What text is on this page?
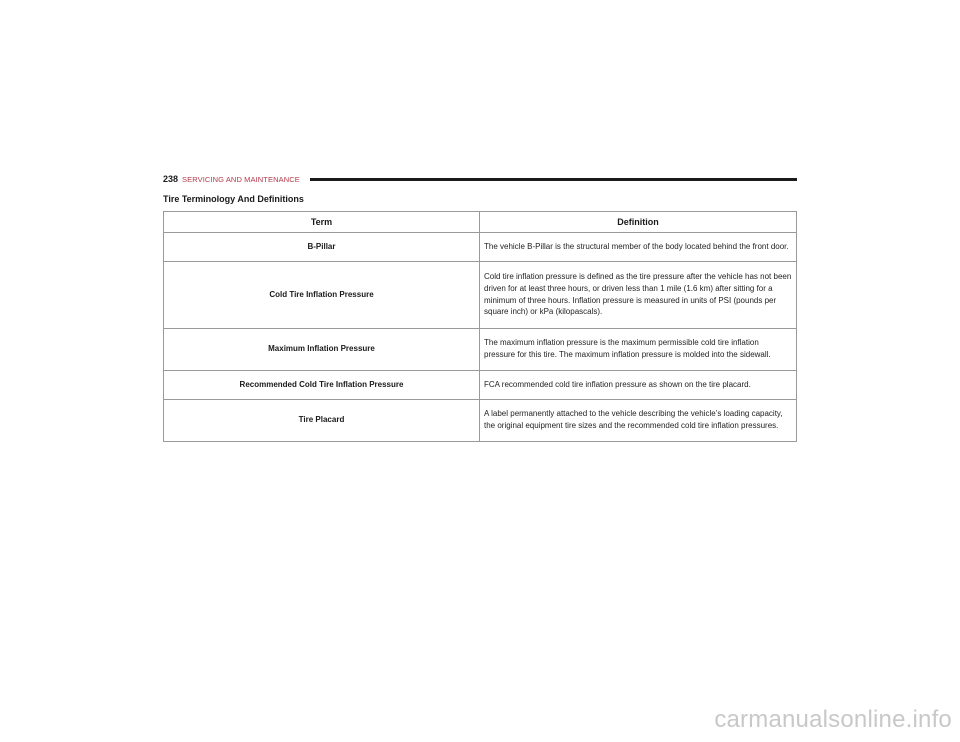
238 SERVICING AND MAINTENANCE
Tire Terminology And Definitions
Term	Definition
B-Pillar	The vehicle B-Pillar is the structural member of the body located behind the front door.
Cold Tire Inflation Pressure	Cold tire inflation pressure is defined as the tire pressure after the vehicle has not been driven for at least three hours, or driven less than 1 mile (1.6 km) after sitting for a minimum of three hours. Inflation pressure is measured in units of PSI (pounds per square inch) or kPa (kilopascals).
Maximum Inflation Pressure	The maximum inflation pressure is the maximum permissible cold tire inflation pressure for this tire. The maximum inflation pressure is molded into the sidewall.
Recommended Cold Tire Inflation Pressure	FCA recommended cold tire inflation pressure as shown on the tire placard.
Tire Placard	A label permanently attached to the vehicle describing the vehicle’s loading capacity, the original equipment tire sizes and the recommended cold tire inflation pressures.
carmanualsonline.info
